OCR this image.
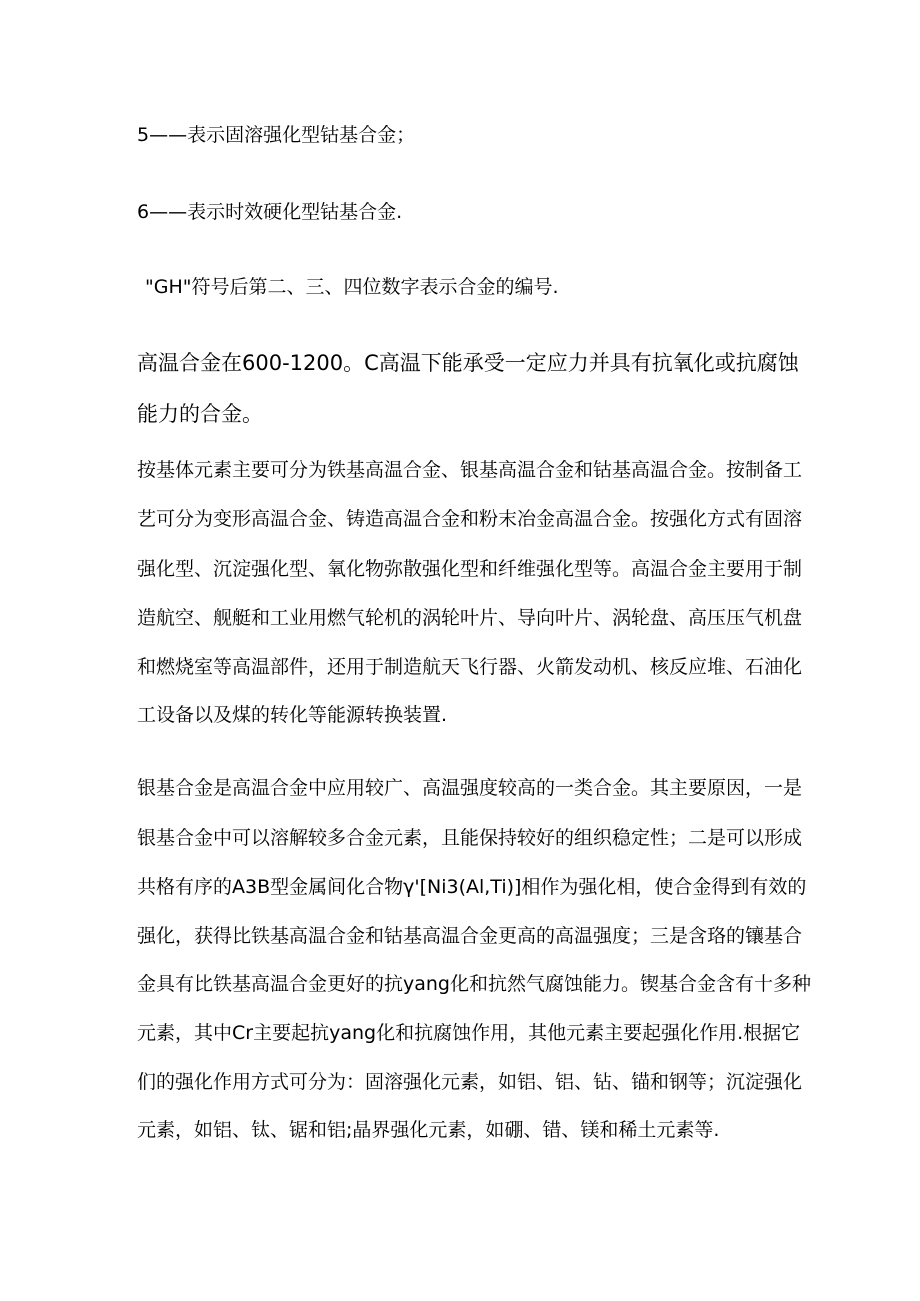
5——表示固溶强化型钴基合金；
6——表示时效硬化型钴基合金.
"GH"符号后第二、三、四位数字表示合金的编号.
高温合金在600-1200。C高温下能承受一定应力并具有抗氧化或抗腐蚀
能力的合金。
按基体元素主要可分为铁基高温合金、银基高温合金和钴基高温合金。按制备工
艺可分为变形高温合金、铸造高温合金和粉末冶金高温合金。按强化方式有固溶
强化型、沉淀强化型、氧化物弥散强化型和纤维强化型等。高温合金主要用于制
造航空、舰艇和工业用燃气轮机的涡轮叶片、导向叶片、涡轮盘、高压压气机盘
和燃烧室等高温部件，还用于制造航天飞行器、火箭发动机、核反应堆、石油化
工设备以及煤的转化等能源转换装置.
银基合金是高温合金中应用较广、高温强度较高的一类合金。其主要原因，一是
银基合金中可以溶解较多合金元素，且能保持较好的组织稳定性；二是可以形成
共格有序的A3B型金属间化合物γ'[Ni3(Al,Ti)]相作为强化相，使合金得到有效的
强化，获得比铁基高温合金和钴基高温合金更高的高温强度；三是含珞的镶基合
金具有比铁基高温合金更好的抗yang化和抗然气腐蚀能力。锲基合金含有十多种
元素，其中Cr主要起抗yang化和抗腐蚀作用，其他元素主要起强化作用.根据它
们的强化作用方式可分为：固溶强化元素，如铝、铝、钻、锚和钢等；沉淀强化
元素，如铝、钛、锯和铝;晶界强化元素，如硼、错、镁和稀土元素等.
